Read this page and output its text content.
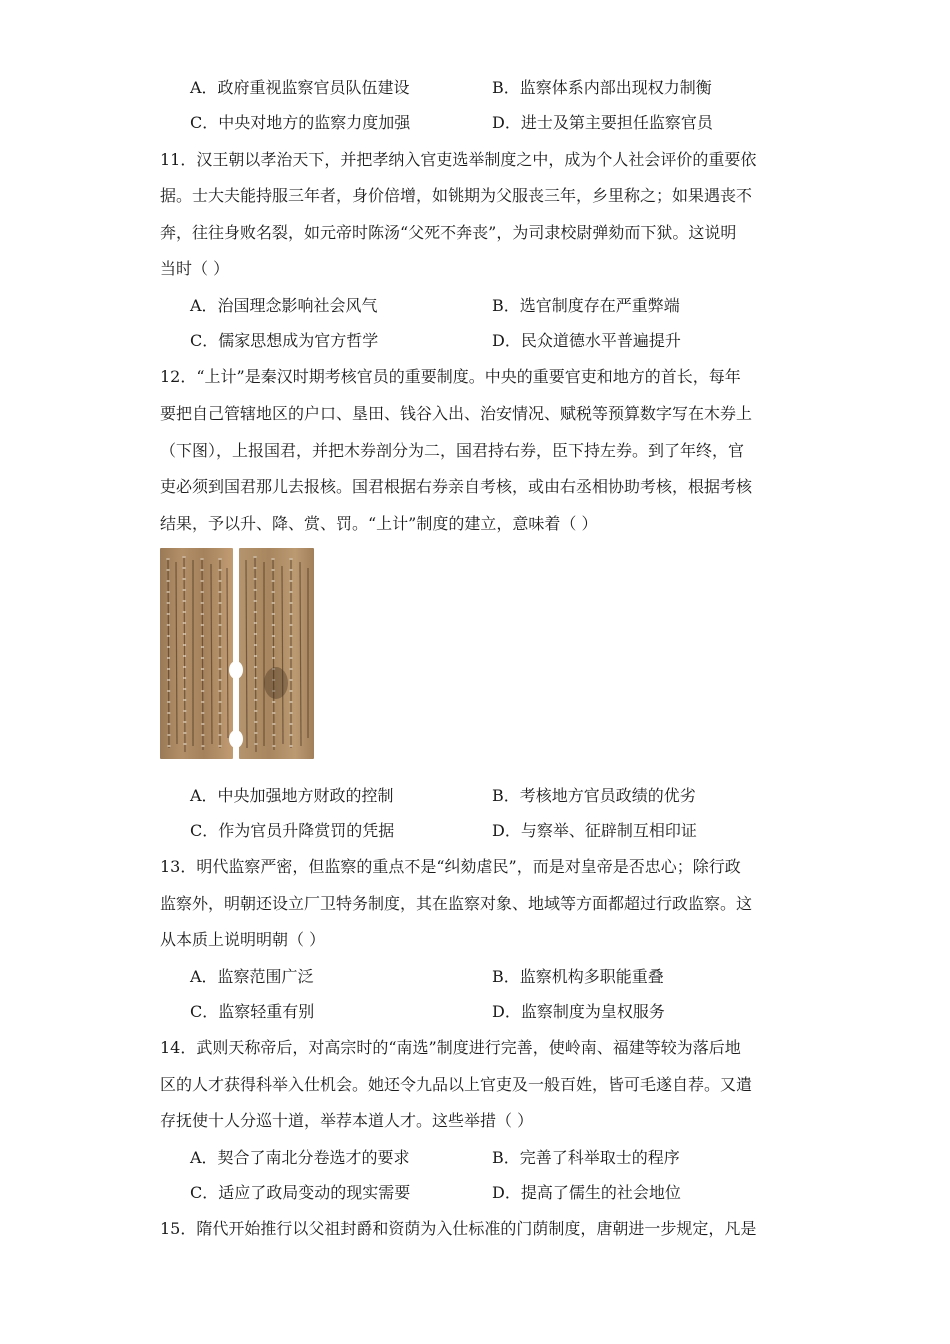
A．政府重视监察官员队伍建设	B．监察体系内部出现权力制衡
C．中央对地方的监察力度加强	D．进士及第主要担任监察官员
11．汉王朝以孝治天下，并把孝纳入官吏选举制度之中，成为个人社会评价的重要依
据。士大夫能持服三年者，身价倍增，如铫期为父服丧三年，乡里称之；如果遇丧不
奔，往往身败名裂，如元帝时陈汤“父死不奔丧”，为司隶校尉弹劾而下狱。这说明
当时（ ）
A．治国理念影响社会风气	B．选官制度存在严重弊端
C．儒家思想成为官方哲学	D．民众道德水平普遍提升
12．“上计”是秦汉时期考核官员的重要制度。中央的重要官吏和地方的首长，每年
要把自己管辖地区的户口、垦田、钱谷入出、治安情况、赋税等预算数字写在木券上
（下图），上报国君，并把木券剖分为二，国君持右券，臣下持左券。到了年终，官
吏必须到国君那儿去报核。国君根据右券亲自考核，或由右丞相协助考核，根据考核
结果，予以升、降、赏、罚。“上计”制度的建立，意味着（ ）
A．中央加强地方财政的控制	B．考核地方官员政绩的优劣
C．作为官员升降赏罚的凭据	D．与察举、征辟制互相印证
13．明代监察严密，但监察的重点不是“纠劾虐民”，而是对皇帝是否忠心；除行政
监察外，明朝还设立厂卫特务制度，其在监察对象、地域等方面都超过行政监察。这
从本质上说明明朝（ ）
A．监察范围广泛	B．监察机构多职能重叠
C．监察轻重有别	D．监察制度为皇权服务
14．武则天称帝后，对高宗时的“南选”制度进行完善，使岭南、福建等较为落后地
区的人才获得科举入仕机会。她还令九品以上官吏及一般百姓，皆可毛遂自荐。又遣
存抚使十人分巡十道，举荐本道人才。这些举措（ ）
A．契合了南北分卷选才的要求	B．完善了科举取士的程序
C．适应了政局变动的现实需要	D．提高了儒生的社会地位
15．隋代开始推行以父祖封爵和资荫为入仕标准的门荫制度，唐朝进一步规定，凡是
